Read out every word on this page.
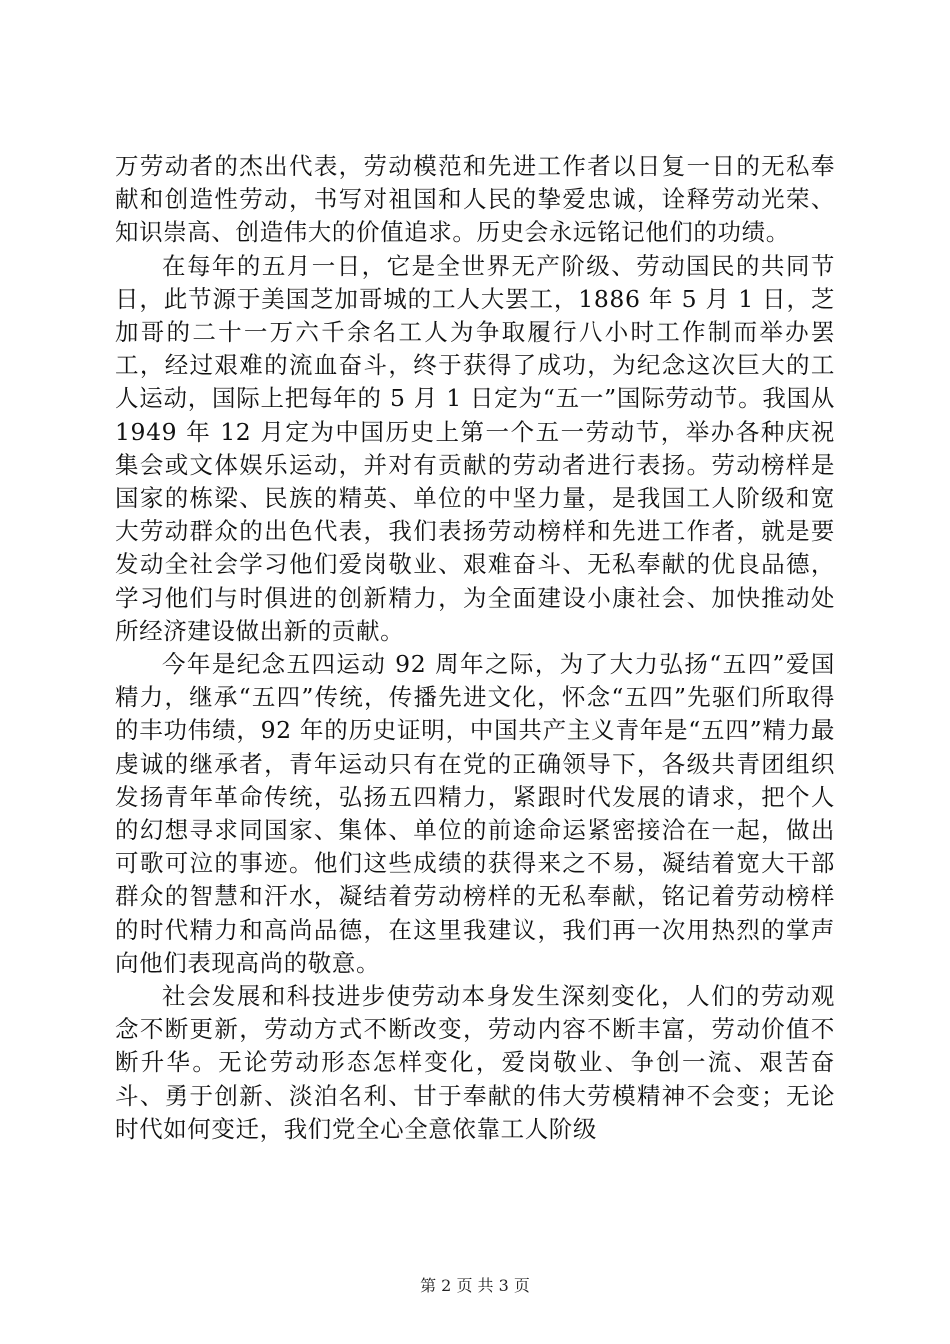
万劳动者的杰出代表，劳动模范和先进工作者以日复一日的无私奉献和创造性劳动，书写对祖国和人民的挚爱忠诚，诠释劳动光荣、知识崇高、创造伟大的价值追求。历史会永远铭记他们的功绩。

在每年的五月一日，它是全世界无产阶级、劳动国民的共同节日，此节源于美国芝加哥城的工人大罢工，1886 年 5 月 1 日，芝加哥的二十一万六千余名工人为争取履行八小时工作制而举办罢工，经过艰难的流血奋斗，终于获得了成功，为纪念这次巨大的工人运动，国际上把每年的 5 月 1 日定为“五一”国际劳动节。我国从 1949 年 12 月定为中国历史上第一个五一劳动节，举办各种庆祝集会或文体娱乐运动，并对有贡献的劳动者进行表扬。劳动榜样是国家的栋梁、民族的精英、单位的中坚力量，是我国工人阶级和宽大劳动群众的出色代表，我们表扬劳动榜样和先进工作者，就是要发动全社会学习他们爱岗敬业、艰难奋斗、无私奉献的优良品德，学习他们与时俱进的创新精力，为全面建设小康社会、加快推动处所经济建设做出新的贡献。

今年是纪念五四运动 92 周年之际，为了大力弘扬“五四”爱国精力，继承“五四”传统，传播先进文化，怀念“五四”先驱们所取得的丰功伟绩，92 年的历史证明，中国共产主义青年是“五四”精力最虔诚的继承者，青年运动只有在党的正确领导下，各级共青团组织发扬青年革命传统，弘扬五四精力，紧跟时代发展的请求，把个人的幻想寻求同国家、集体、单位的前途命运紧密接洽在一起，做出可歌可泣的事迹。他们这些成绩的获得来之不易，凝结着宽大干部群众的智慧和汗水，凝结着劳动榜样的无私奉献，铭记着劳动榜样的时代精力和高尚品德，在这里我建议，我们再一次用热烈的掌声向他们表现高尚的敬意。

社会发展和科技进步使劳动本身发生深刻变化，人们的劳动观念不断更新，劳动方式不断改变，劳动内容不断丰富，劳动价值不断升华。无论劳动形态怎样变化，爱岗敬业、争创一流、艰苦奋斗、勇于创新、淡泊名利、甘于奉献的伟大劳模精神不会变；无论时代如何变迁，我们党全心全意依靠工人阶级

第 2 页 共 3 页
